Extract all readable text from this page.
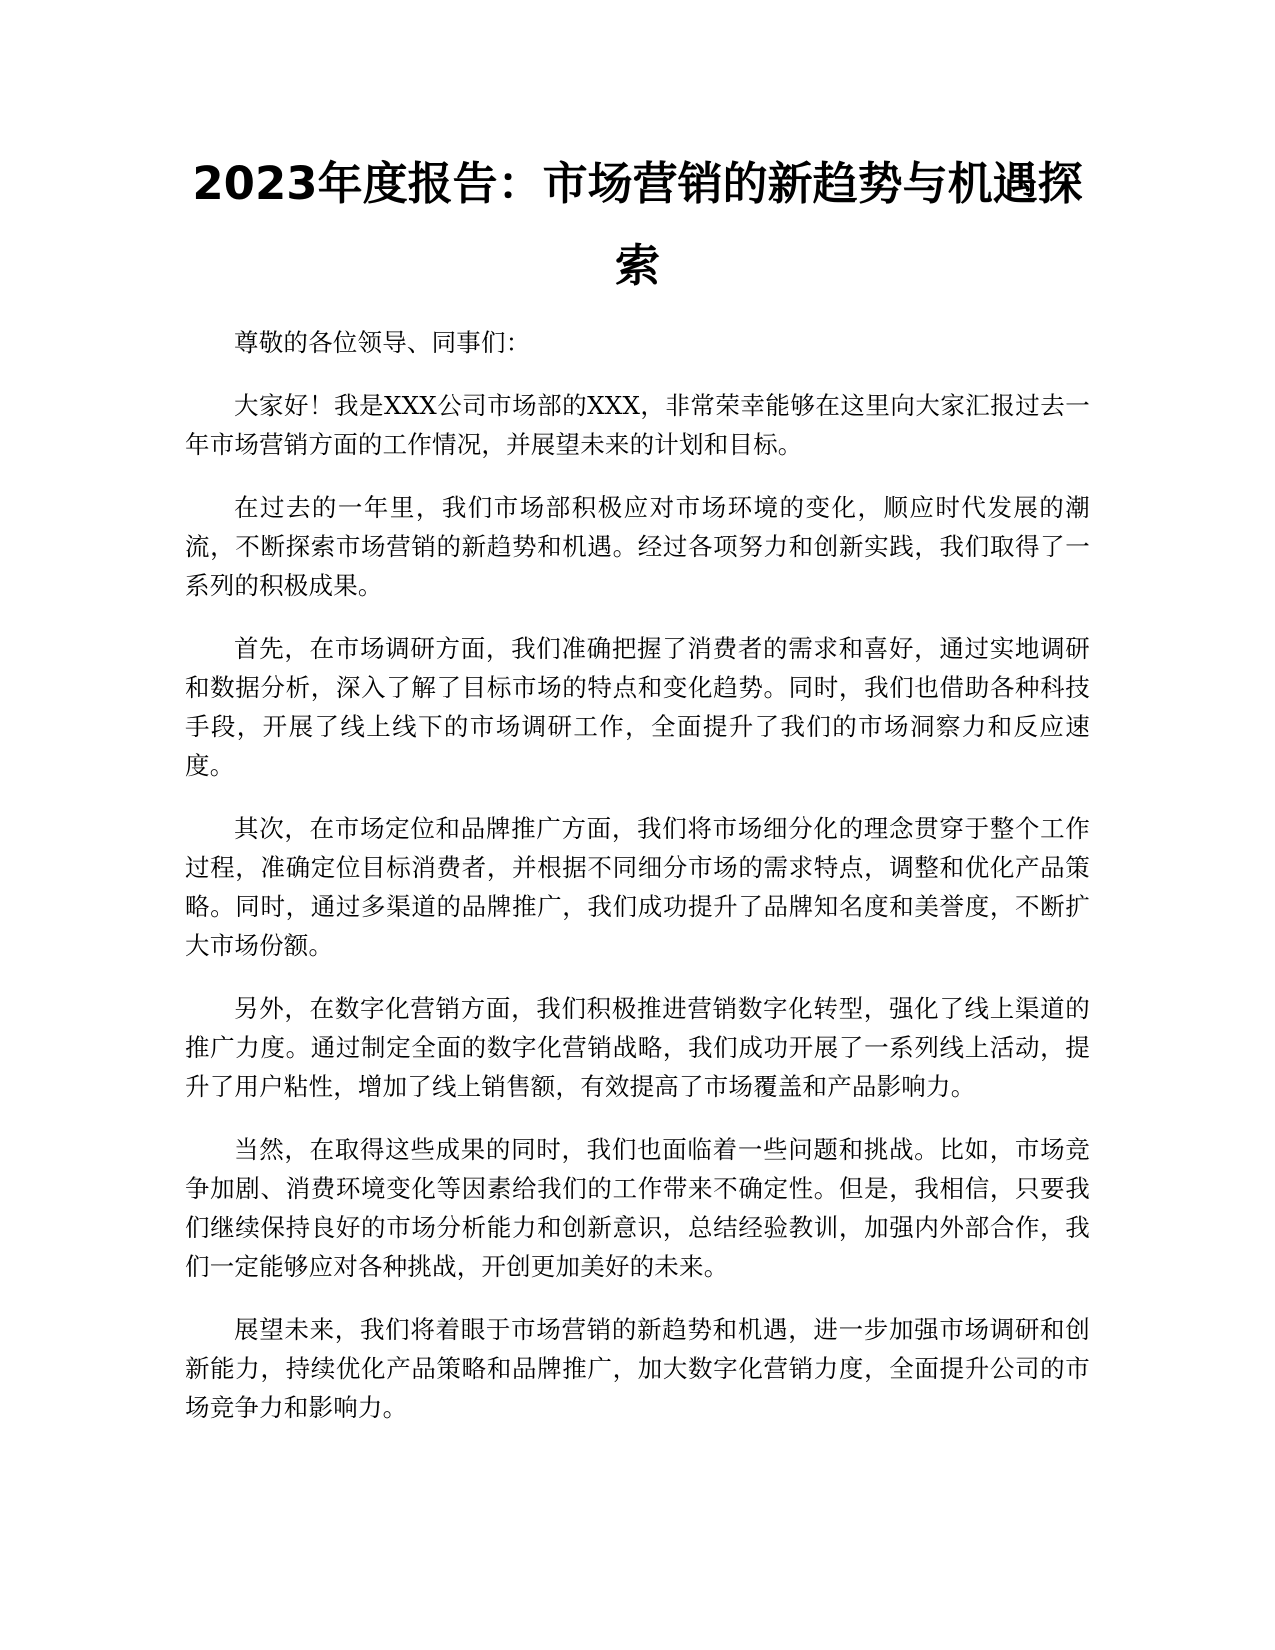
2023年度报告：市场营销的新趋势与机遇探索

尊敬的各位领导、同事们：

大家好！我是XXX公司市场部的XXX，非常荣幸能够在这里向大家汇报过去一年市场营销方面的工作情况，并展望未来的计划和目标。

在过去的一年里，我们市场部积极应对市场环境的变化，顺应时代发展的潮流，不断探索市场营销的新趋势和机遇。经过各项努力和创新实践，我们取得了一系列的积极成果。

首先，在市场调研方面，我们准确把握了消费者的需求和喜好，通过实地调研和数据分析，深入了解了目标市场的特点和变化趋势。同时，我们也借助各种科技手段，开展了线上线下的市场调研工作，全面提升了我们的市场洞察力和反应速度。

其次，在市场定位和品牌推广方面，我们将市场细分化的理念贯穿于整个工作过程，准确定位目标消费者，并根据不同细分市场的需求特点，调整和优化产品策略。同时，通过多渠道的品牌推广，我们成功提升了品牌知名度和美誉度，不断扩大市场份额。

另外，在数字化营销方面，我们积极推进营销数字化转型，强化了线上渠道的推广力度。通过制定全面的数字化营销战略，我们成功开展了一系列线上活动，提升了用户粘性，增加了线上销售额，有效提高了市场覆盖和产品影响力。

当然，在取得这些成果的同时，我们也面临着一些问题和挑战。比如，市场竞争加剧、消费环境变化等因素给我们的工作带来不确定性。但是，我相信，只要我们继续保持良好的市场分析能力和创新意识，总结经验教训，加强内外部合作，我们一定能够应对各种挑战，开创更加美好的未来。

展望未来，我们将着眼于市场营销的新趋势和机遇，进一步加强市场调研和创新能力，持续优化产品策略和品牌推广，加大数字化营销力度，全面提升公司的市场竞争力和影响力。
